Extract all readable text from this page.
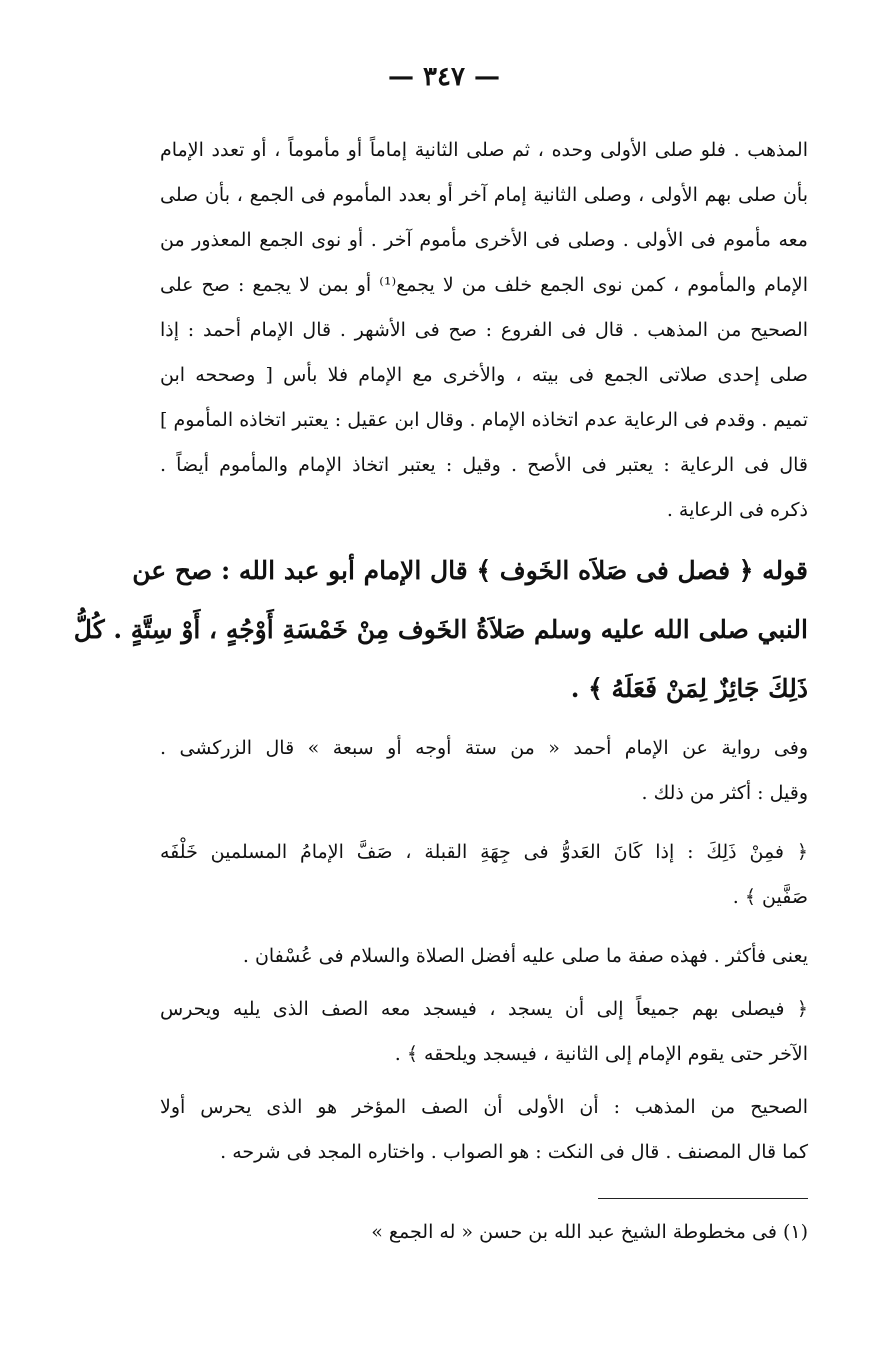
— ٣٤٧ —
المذهب . فلو صلى الأولى وحده ، ثم صلى الثانية إماماً أو مأموماً ، أو تعدد الإمام
بأن صلى بهم الأولى ، وصلى الثانية إمام آخر أو بعدد المأموم فى الجمع ، بأن صلى
معه مأموم فى الأولى . وصلى فى الأخرى مأموم آخر . أو نوى الجمع المعذور من
الإمام والمأموم ، كمن نوى الجمع خلف من لا يجمع⁽¹⁾ أو بمن لا يجمع : صح على
الصحيح من المذهب . قال فى الفروع : صح فى الأشهر . قال الإمام أحمد : إذا
صلى إحدى صلاتى الجمع فى بيته ، والأخرى مع الإمام فلا بأس [ وصححه ابن
تميم . وقدم فى الرعاية عدم اتخاذه الإمام . وقال ابن عقيل : يعتبر اتخاذه المأموم ]
قال فى الرعاية : يعتبر فى الأصح . وقيل : يعتبر اتخاذ الإمام والمأموم أيضاً .
ذكره فى الرعاية .
قوله ﴿ فصل فى صَلاَه الخَوف ﴾ قال الإمام أبو عبد الله : صح عن
النبي صلى الله عليه وسلم صَلاَةُ الخَوف مِنْ خَمْسَةِ أَوْجُهٍ ، أَوْ سِتَّةٍ . كُلُّ
ذَلِكَ جَائِزٌ لِمَنْ فَعَلَهُ ﴾ .
وفى رواية عن الإمام أحمد « من ستة أوجه أو سبعة » قال الزركشى .
وقيل : أكثر من ذلك .
﴿ فمِنْ ذَلِكَ : إذا كَانَ العَدوُّ فى جِهَةِ القبلة ، صَفَّ الإمامُ المسلمين خَلْفَه
صَفَّين ﴾ .
يعنى فأكثر . فهذه صفة ما صلى عليه أفضل الصلاة والسلام فى عُسْفان .
﴿ فيصلى بهم جميعاً إلى أن يسجد ، فيسجد معه الصف الذى يليه ويحرس
الآخر حتى يقوم الإمام إلى الثانية ، فيسجد ويلحقه ﴾ .
الصحيح من المذهب : أن الأولى أن الصف المؤخر هو الذى يحرس أولا
كما قال المصنف . قال فى النكت : هو الصواب . واختاره المجد فى شرحه .
(١) فى مخطوطة الشيخ عبد الله بن حسن « له الجمع »
